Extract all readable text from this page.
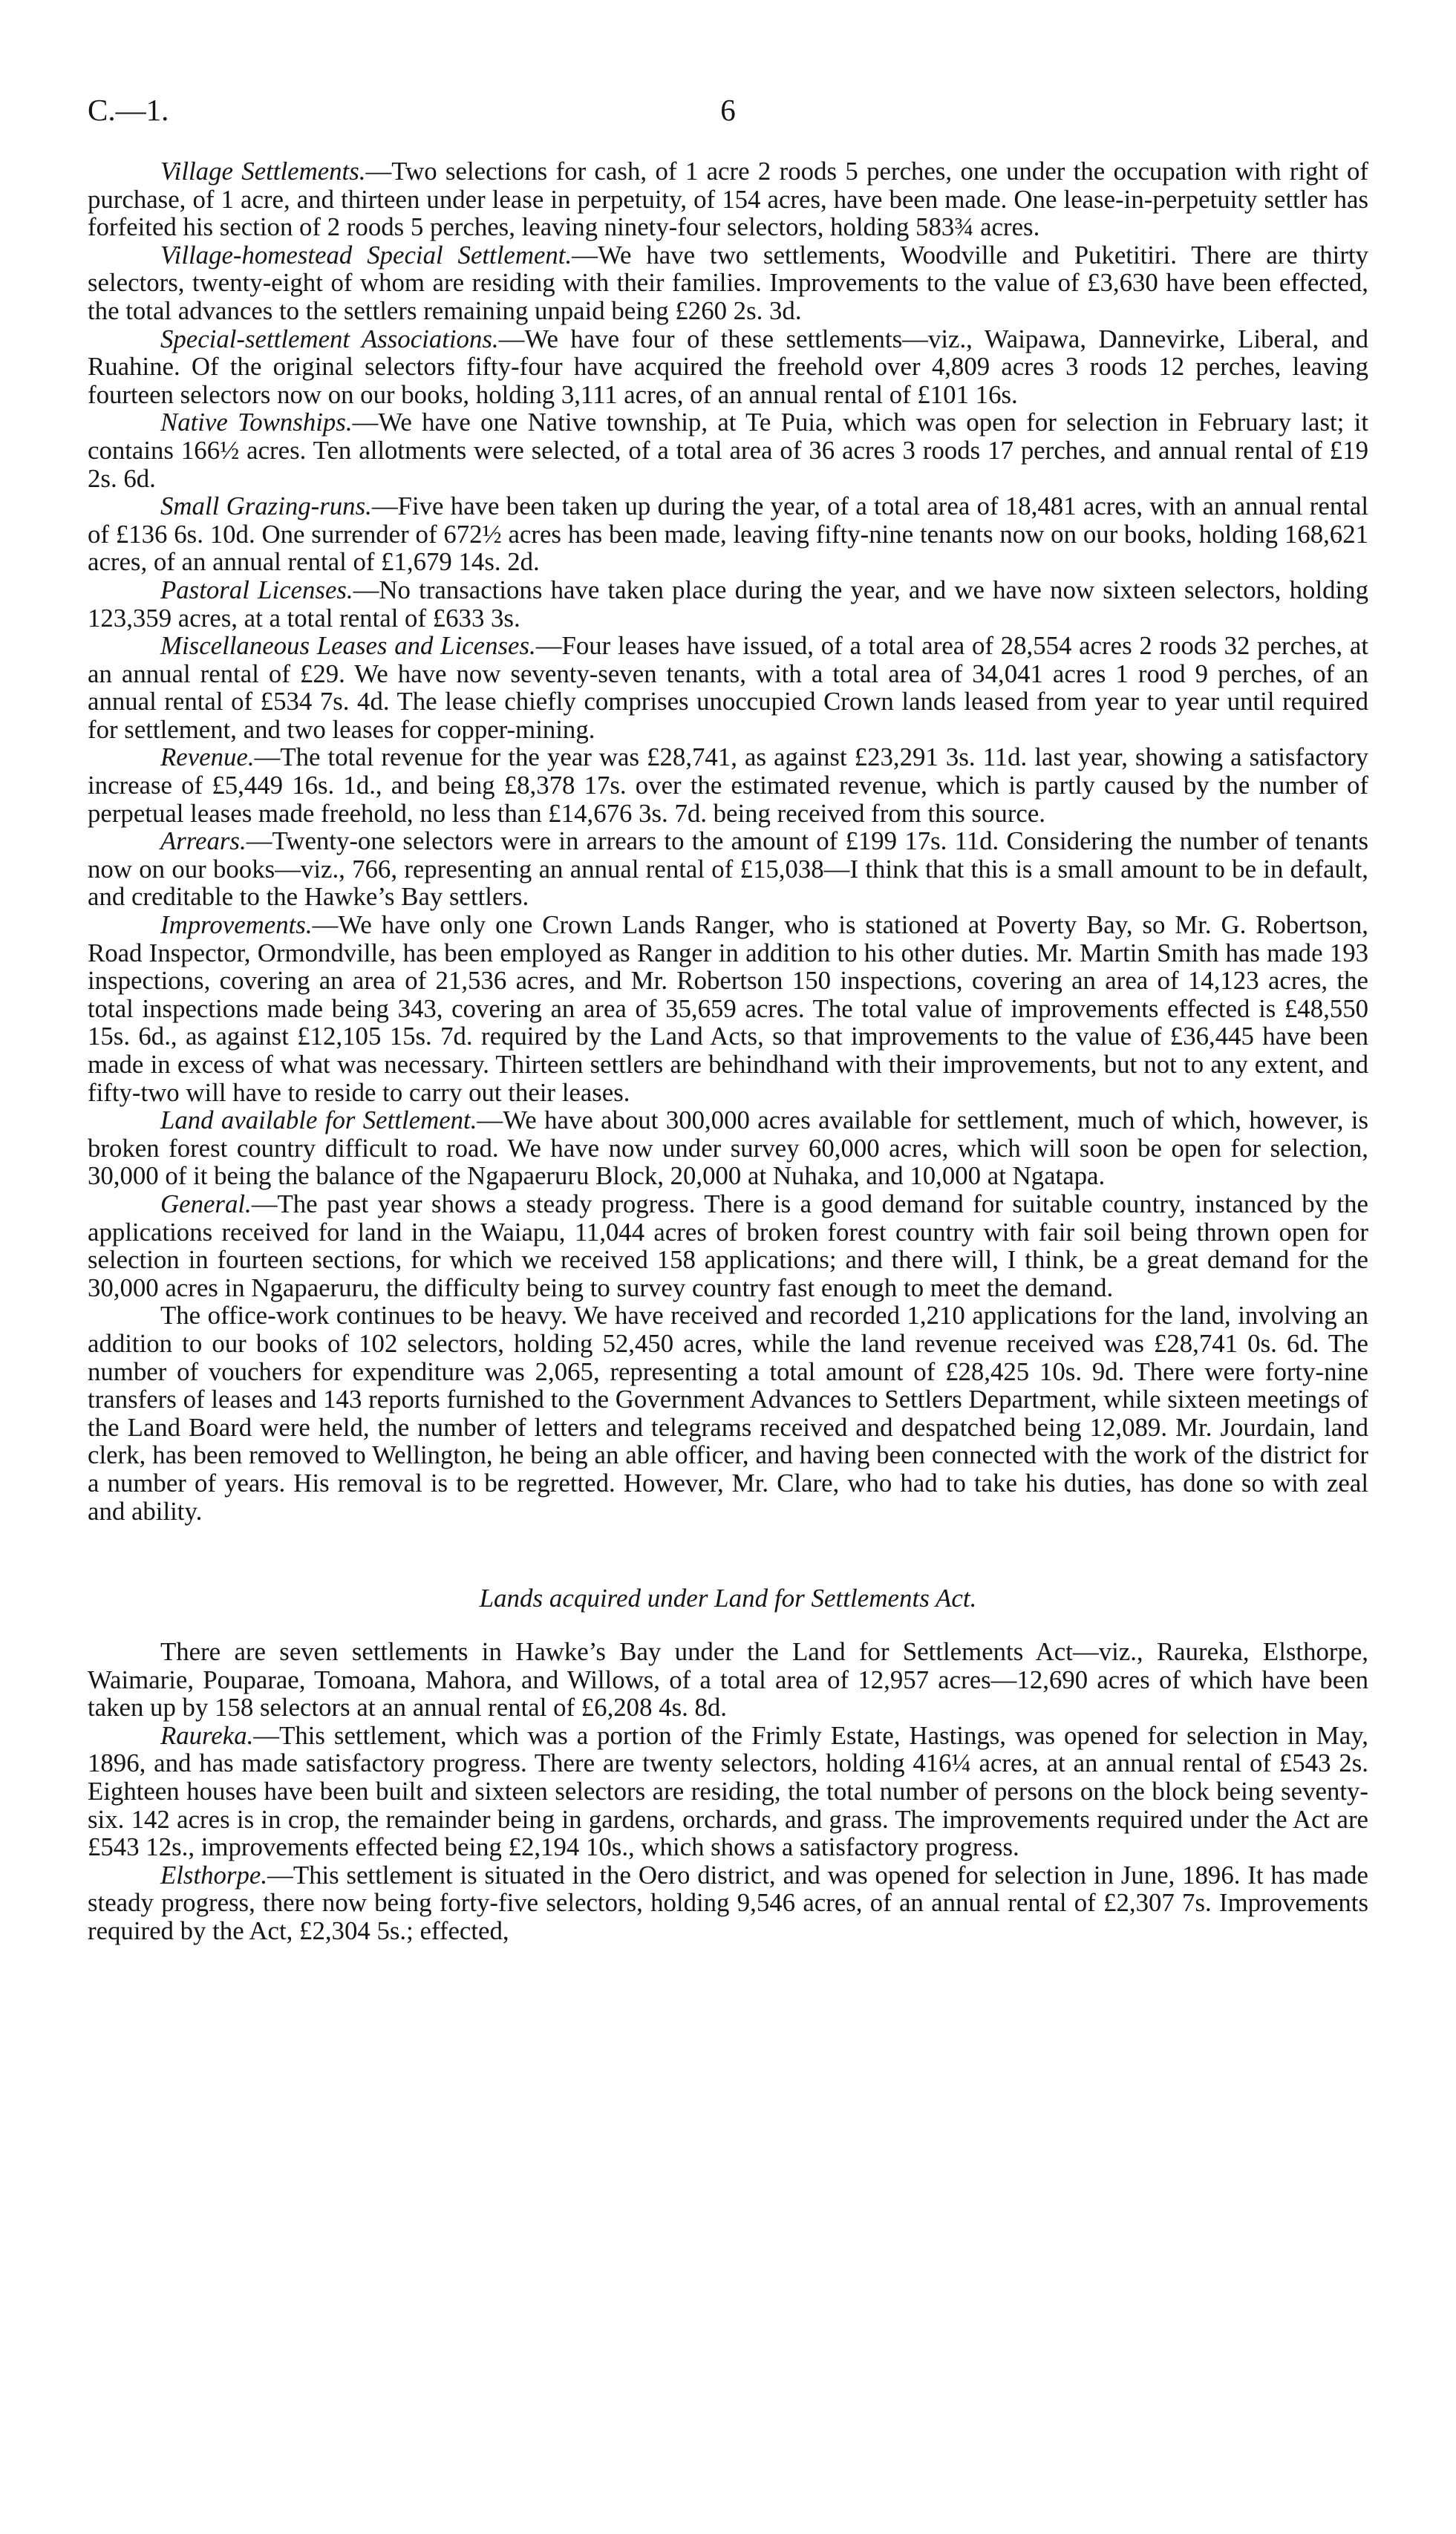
C.—1.	6

Village Settlements.—Two selections for cash, of 1 acre 2 roods 5 perches, one under the occupation with right of purchase, of 1 acre, and thirteen under lease in perpetuity, of 154 acres, have been made. One lease-in-perpetuity settler has forfeited his section of 2 roods 5 perches, leaving ninety-four selectors, holding 583¾ acres.

Village-homestead Special Settlement.—We have two settlements, Woodville and Puketitiri. There are thirty selectors, twenty-eight of whom are residing with their families. Improvements to the value of £3,630 have been effected, the total advances to the settlers remaining unpaid being £260 2s. 3d.

Special-settlement Associations.—We have four of these settlements—viz., Waipawa, Dannevirke, Liberal, and Ruahine. Of the original selectors fifty-four have acquired the freehold over 4,809 acres 3 roods 12 perches, leaving fourteen selectors now on our books, holding 3,111 acres, of an annual rental of £101 16s.

Native Townships.—We have one Native township, at Te Puia, which was open for selection in February last; it contains 166½ acres. Ten allotments were selected, of a total area of 36 acres 3 roods 17 perches, and annual rental of £19 2s. 6d.

Small Grazing-runs.—Five have been taken up during the year, of a total area of 18,481 acres, with an annual rental of £136 6s. 10d. One surrender of 672½ acres has been made, leaving fifty-nine tenants now on our books, holding 168,621 acres, of an annual rental of £1,679 14s. 2d.

Pastoral Licenses.—No transactions have taken place during the year, and we have now sixteen selectors, holding 123,359 acres, at a total rental of £633 3s.

Miscellaneous Leases and Licenses.—Four leases have issued, of a total area of 28,554 acres 2 roods 32 perches, at an annual rental of £29. We have now seventy-seven tenants, with a total area of 34,041 acres 1 rood 9 perches, of an annual rental of £534 7s. 4d. The lease chiefly comprises unoccupied Crown lands leased from year to year until required for settlement, and two leases for copper-mining.

Revenue.—The total revenue for the year was £28,741, as against £23,291 3s. 11d. last year, showing a satisfactory increase of £5,449 16s. 1d., and being £8,378 17s. over the estimated revenue, which is partly caused by the number of perpetual leases made freehold, no less than £14,676 3s. 7d. being received from this source.

Arrears.—Twenty-one selectors were in arrears to the amount of £199 17s. 11d. Considering the number of tenants now on our books—viz., 766, representing an annual rental of £15,038—I think that this is a small amount to be in default, and creditable to the Hawke’s Bay settlers.

Improvements.—We have only one Crown Lands Ranger, who is stationed at Poverty Bay, so Mr. G. Robertson, Road Inspector, Ormondville, has been employed as Ranger in addition to his other duties. Mr. Martin Smith has made 193 inspections, covering an area of 21,536 acres, and Mr. Robertson 150 inspections, covering an area of 14,123 acres, the total inspections made being 343, covering an area of 35,659 acres. The total value of improvements effected is £48,550 15s. 6d., as against £12,105 15s. 7d. required by the Land Acts, so that improvements to the value of £36,445 have been made in excess of what was necessary. Thirteen settlers are behindhand with their improvements, but not to any extent, and fifty-two will have to reside to carry out their leases.

Land available for Settlement.—We have about 300,000 acres available for settlement, much of which, however, is broken forest country difficult to road. We have now under survey 60,000 acres, which will soon be open for selection, 30,000 of it being the balance of the Ngapaeruru Block, 20,000 at Nuhaka, and 10,000 at Ngatapa.

General.—The past year shows a steady progress. There is a good demand for suitable country, instanced by the applications received for land in the Waiapu, 11,044 acres of broken forest country with fair soil being thrown open for selection in fourteen sections, for which we received 158 applications; and there will, I think, be a great demand for the 30,000 acres in Ngapaeruru, the difficulty being to survey country fast enough to meet the demand.

The office-work continues to be heavy. We have received and recorded 1,210 applications for the land, involving an addition to our books of 102 selectors, holding 52,450 acres, while the land revenue received was £28,741 0s. 6d. The number of vouchers for expenditure was 2,065, representing a total amount of £28,425 10s. 9d. There were forty-nine transfers of leases and 143 reports furnished to the Government Advances to Settlers Department, while sixteen meetings of the Land Board were held, the number of letters and telegrams received and despatched being 12,089. Mr. Jourdain, land clerk, has been removed to Wellington, he being an able officer, and having been connected with the work of the district for a number of years. His removal is to be regretted. However, Mr. Clare, who had to take his duties, has done so with zeal and ability.

Lands acquired under Land for Settlements Act.

There are seven settlements in Hawke’s Bay under the Land for Settlements Act—viz., Raureka, Elsthorpe, Waimarie, Pouparae, Tomoana, Mahora, and Willows, of a total area of 12,957 acres—12,690 acres of which have been taken up by 158 selectors at an annual rental of £6,208 4s. 8d.

Raureka.—This settlement, which was a portion of the Frimly Estate, Hastings, was opened for selection in May, 1896, and has made satisfactory progress. There are twenty selectors, holding 416¼ acres, at an annual rental of £543 2s. Eighteen houses have been built and sixteen selectors are residing, the total number of persons on the block being seventy-six. 142 acres is in crop, the remainder being in gardens, orchards, and grass. The improvements required under the Act are £543 12s., improvements effected being £2,194 10s., which shows a satisfactory progress.

Elsthorpe.—This settlement is situated in the Oero district, and was opened for selection in June, 1896. It has made steady progress, there now being forty-five selectors, holding 9,546 acres, of an annual rental of £2,307 7s. Improvements required by the Act, £2,304 5s.; effected,
